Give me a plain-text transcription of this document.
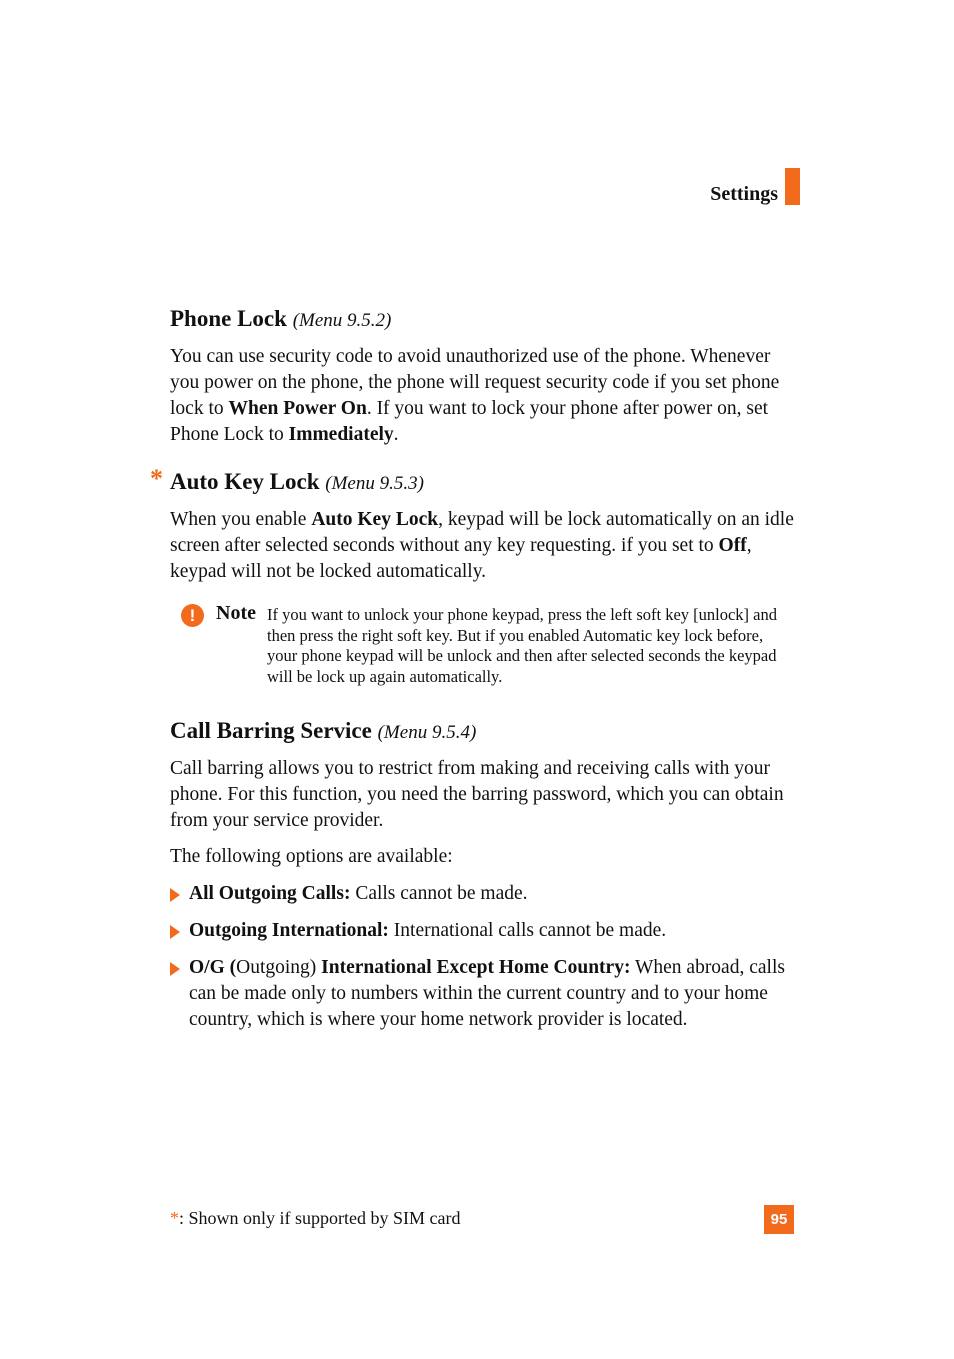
Settings
Phone Lock (Menu 9.5.2)
You can use security code to avoid unauthorized use of the phone. Whenever you power on the phone, the phone will request security code if you set phone lock to When Power On. If you want to lock your phone after power on, set Phone Lock to Immediately.
* Auto Key Lock (Menu 9.5.3)
When you enable Auto Key Lock, keypad will be lock automatically on an idle screen after selected seconds without any key requesting. if you set to Off, keypad will not be locked automatically.
!	Note If you want to unlock your phone keypad, press the left soft key [unlock] and then press the right soft key. But if you enabled Automatic key lock before, your phone keypad will be unlock and then after selected seconds the keypad will be lock up again automatically.
Call Barring Service (Menu 9.5.4)
Call barring allows you to restrict from making and receiving calls with your phone. For this function, you need the barring password, which you can obtain from your service provider.
The following options are available:
All Outgoing Calls: Calls cannot be made.
Outgoing International: International calls cannot be made.
O/G (Outgoing) International Except Home Country: When abroad, calls can be made only to numbers within the current country and to your home country, which is where your home network provider is located.
*: Shown only if supported by SIM card	95
